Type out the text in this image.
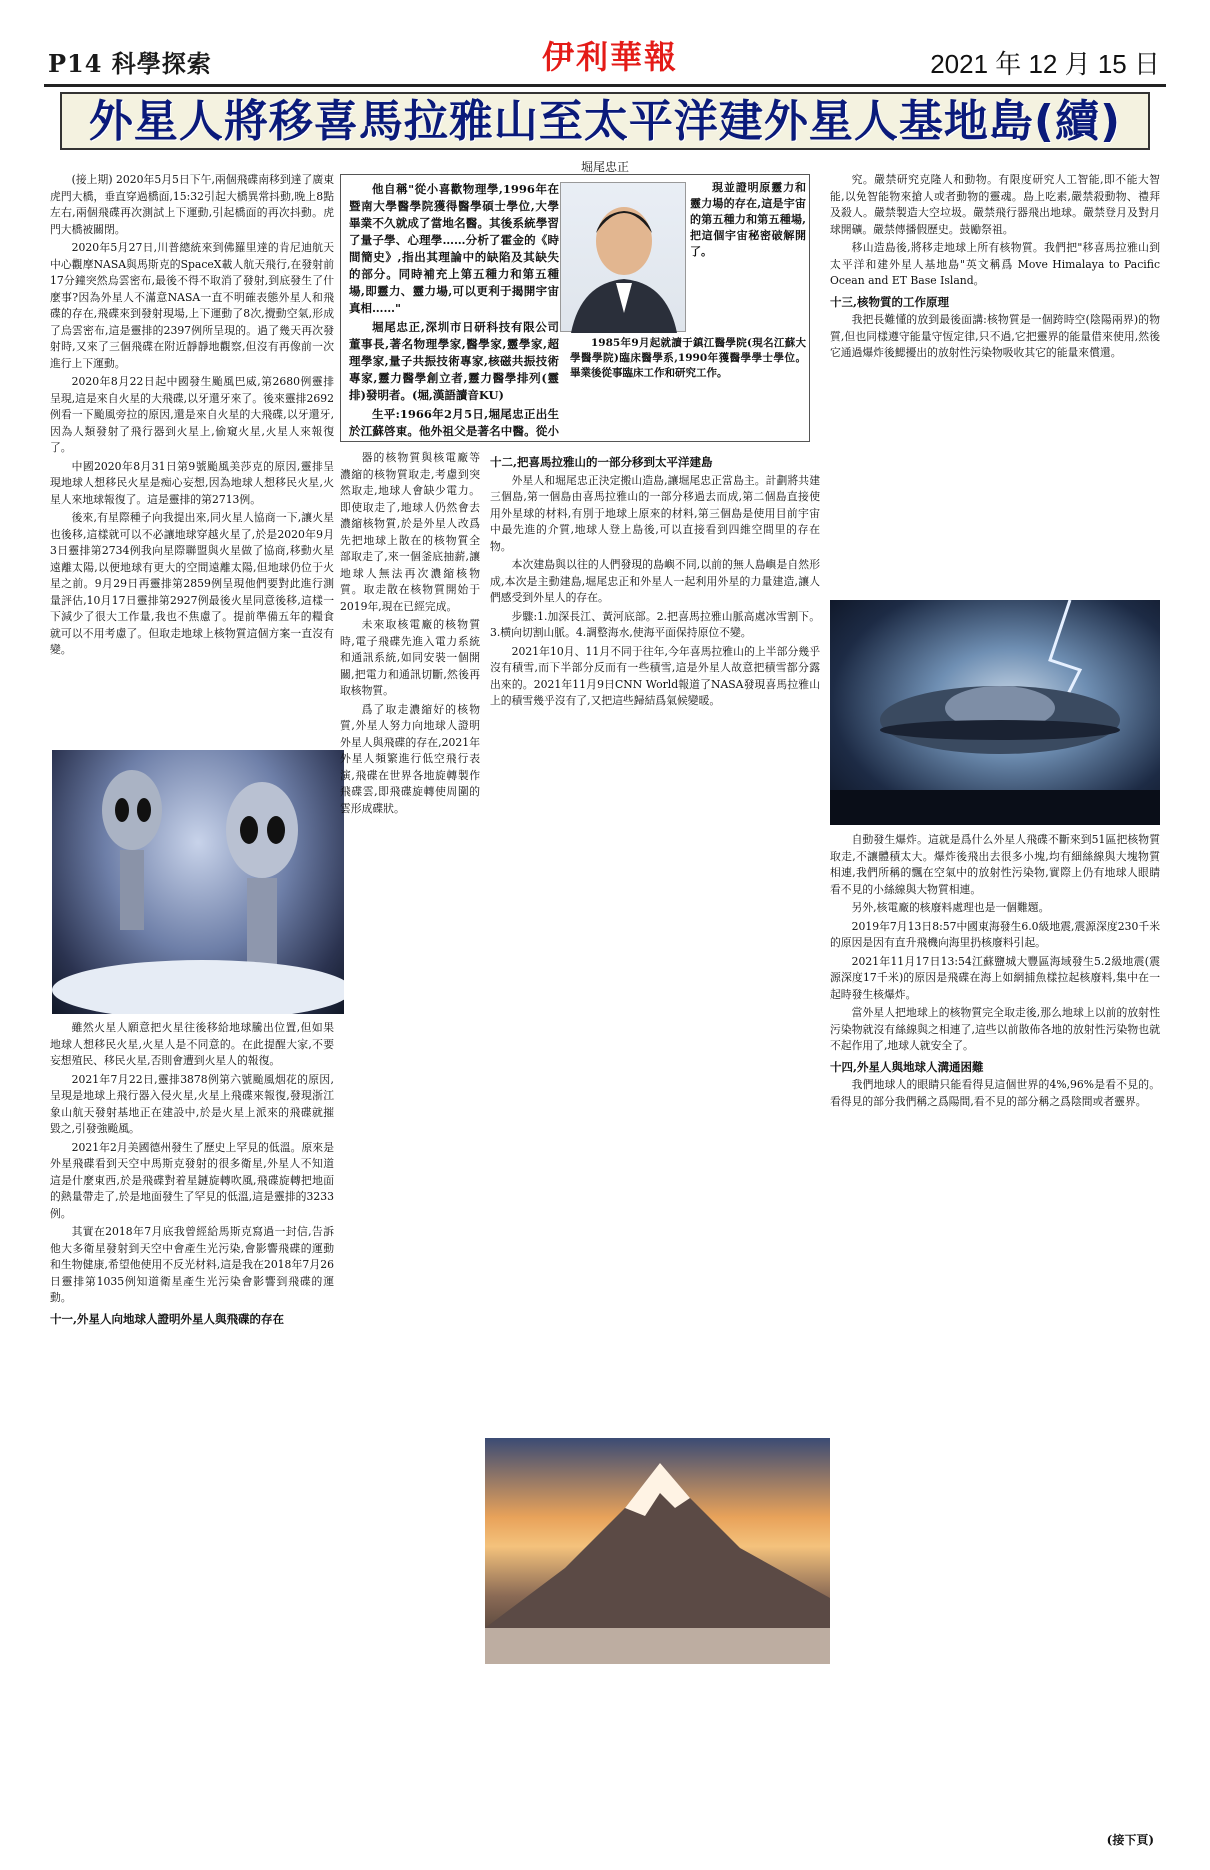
P14 科學探索	伊利華報	2021 年 12 月 15 日
外星人將移喜馬拉雅山至太平洋建外星人基地島(續)
堀尾忠正

(接上期) 2020年5月5日下午,兩個飛碟南移到達了廣東虎門大橋，垂直穿過橋面,15:32引起大橋異常抖動,晚上8點左右,兩個飛碟再次測試上下運動,引起橋面的再次抖動。虎門大橋被關閉。

2020年5月27日,川普總統來到佛羅里達的肯尼迪航天中心觀摩NASA與馬斯克的SpaceX載人航天飛行,在發射前17分鐘突然烏雲密布,最後不得不取消了發射,到底發生了什麼事?因為外星人不滿意NASA一直不明確表態外星人和飛碟的存在,飛碟來到發射現場,上下運動了8次,攪動空氣,形成了烏雲密布,這是靈排的2397例所呈現的。過了幾天再次發射時,又來了三個飛碟在附近靜靜地觀察,但沒有再像前一次進行上下運動。

2020年8月22日起中國發生颱風巴威,第2680例靈排呈現,這是來自火星的大飛碟,以牙還牙來了。後來靈排2692例看一下颱風旁拉的原因,還是來自火星的大飛碟,以牙還牙,因為人類發射了飛行器到火星上,偷窺火星,火星人來報復了。

中國2020年8月31日第9號颱風美莎克的原因,靈排呈現地球人想移民火星是痴心妄想,因為地球人想移民火星,火星人來地球報復了。這是靈排的第2713例。

後來,有星際種子向我提出來,同火星人協商一下,讓火星也後移,這樣就可以不必讓地球穿越火星了,於是2020年9月3日靈排第2734例我向星際聯盟與火星做了協商,移動火星遠離太陽,以便地球有更大的空間遠離太陽,但地球仍位于火星之前。9月29日再靈排第2859例呈現他們要對此進行測量評估,10月17日靈排第2927例最後火星同意後移,這樣一下減少了很大工作量,我也不焦慮了。提前準備五年的糧食就可以不用考慮了。但取走地球上核物質這個方案一直沒有變。

雖然火星人願意把火星往後移給地球騰出位置,但如果地球人想移民火星,火星人是不同意的。在此提醒大家,不要妄想殖民、移民火星,否則會遭到火星人的報復。

2021年7月22日,靈排3878例第六號颱風烟花的原因,呈現是地球上飛行器入侵火星,火星上飛碟來報復,發現浙江象山航天發射基地正在建設中,於是火星上派來的飛碟就摧毀之,引發強颱風。

2021年2月美國德州發生了歷史上罕見的低溫。原來是外星飛碟看到天空中馬斯克發射的很多衛星,外星人不知道這是什麼東西,於是飛碟對着星鏈旋轉吹風,飛碟旋轉把地面的熱量帶走了,於是地面發生了罕見的低溫,這是靈排的3233例。

其實在2018年7月底我曾經給馬斯克寫過一封信,告訴他大多衛星發射到天空中會產生光污染,會影響飛碟的運動和生物健康,希望他使用不反光材料,這是我在2018年7月26日靈排第1035例知道衛星產生光污染會影響到飛碟的運動。

十一,外星人向地球人證明外星人與飛碟的存在

他自稱"從小喜歡物理學,1996年在暨南大學醫學院獲得醫學碩士學位,大學畢業不久就成了當地名醫。其後系統學習了量子學、心理學……分析了霍金的《時間簡史》,指出其理論中的缺陷及其缺失的部分。同時補充上第五種力和第五種場,即靈力、靈力場,可以更利于揭開宇宙真相……"

堀尾忠正,深圳市日研科技有限公司董事長,著名物理學家,醫學家,靈學家,超理學家,量子共振技術專家,核磁共振技術專家,靈力醫學創立者,靈力醫學排列(靈排)發明者。(堀,漢語讀音KU)

生平:1966年2月5日,堀尾忠正出生於江蘇啓東。他外祖父是著名中醫。從小

現並證明原靈力和靈力場的存在,這是宇宙的第五種力和第五種場,把這個宇宙秘密破解開了。

1985年9月起就讀于鎮江醫學院(現名江蘇大學醫學院)臨床醫學系,1990年獲醫學學士學位。畢業後從事臨床工作和研究工作。

器的核物質與核電廠等濃縮的核物質取走,考慮到突然取走,地球人會缺少電力。即使取走了,地球人仍然會去濃縮核物質,於是外星人改爲先把地球上散在的核物質全部取走了,來一個釜底抽薪,讓地球人無法再次濃縮核物質。取走散在核物質開始于2019年,現在已經完成。

未來取核電廠的核物質時,電子飛碟先進入電力系統和通訊系統,如同安裝一個開關,把電力和通訊切斷,然後再取核物質。

爲了取走濃縮好的核物質,外星人努力向地球人證明外星人與飛碟的存在,2021年外星人頻繁進行低空飛行表演,飛碟在世界各地旋轉製作飛碟雲,即飛碟旋轉使周圍的雲形成碟狀。

十二,把喜馬拉雅山的一部分移到太平洋建島

外星人和堀尾忠正決定搬山造島,讓堀尾忠正當島主。計劃將共建三個島,第一個島由喜馬拉雅山的一部分移過去而成,第二個島直接使用外星球的材料,有別于地球上原來的材料,第三個島是使用目前宇宙中最先進的介質,地球人登上島後,可以直接看到四維空間里的存在物。

本次建島與以往的人們發現的島嶼不同,以前的無人島嶼是自然形成,本次是主動建島,堀尾忠正和外星人一起利用外星的力量建造,讓人們感受到外星人的存在。

步驟:1.加深長江、黃河底部。2.把喜馬拉雅山脈高處冰雪割下。3.横向切割山脈。4.調整海水,使海平面保持原位不變。

2021年10月、11月不同于往年,今年喜馬拉雅山的上半部分幾乎沒有積雪,而下半部分反而有一些積雪,這是外星人故意把積雪都分露出來的。2021年11月9日CNN World報道了NASA發現喜馬拉雅山上的積雪幾乎沒有了,又把這些歸結爲氣候變暖。

究。嚴禁研究克隆人和動物。有限度研究人工智能,即不能大智能,以免智能物來搶人或者動物的靈魂。島上吃素,嚴禁殺動物、禮拜及殺人。嚴禁製造大空垃圾。嚴禁飛行器飛出地球。嚴禁登月及對月球開礦。嚴禁傳播假歷史。鼓勵祭祖。

移山造島後,將移走地球上所有核物質。我們把"移喜馬拉雅山到太平洋和建外星人基地島"英文稱爲 Move Himalaya to Pacific Ocean and ET Base Island。

十三,核物質的工作原理

我把長難懂的放到最後面講:核物質是一個跨時空(陰陽兩界)的物質,但也同樣遵守能量守恆定律,只不過,它把靈界的能量借來使用,然後它通過爆炸後鰓擾出的放射性污染物吸收其它的能量來償還。

自動發生爆炸。這就是爲什么外星人飛碟不斷來到51區把核物質取走,不讓體積太大。爆炸後飛出去很多小塊,均有細絲線與大塊物質相連,我們所稱的飄在空氣中的放射性污染物,實際上仍有地球人眼睛看不見的小絲線與大物質相連。

另外,核電廠的核廢料處理也是一個難題。

2019年7月13日8:57中國東海發生6.0級地震,震源深度230千米的原因是因有直升飛機向海里扔核廢料引起。

2021年11月17日13:54江蘇鹽城大豐區海域發生5.2級地震(震源深度17千米)的原因是飛碟在海上如網捕魚樣拉起核廢料,集中在一起時發生核爆炸。

當外星人把地球上的核物質完全取走後,那么地球上以前的放射性污染物就沒有絲線與之相連了,這些以前散佈各地的放射性污染物也就不起作用了,地球人就安全了。

十四,外星人與地球人溝通困難

我們地球人的眼睛只能看得見這個世界的4%,96%是看不見的。看得見的部分我們稱之爲陽間,看不見的部分稱之爲陰間或者靈界。

(接下頁)
